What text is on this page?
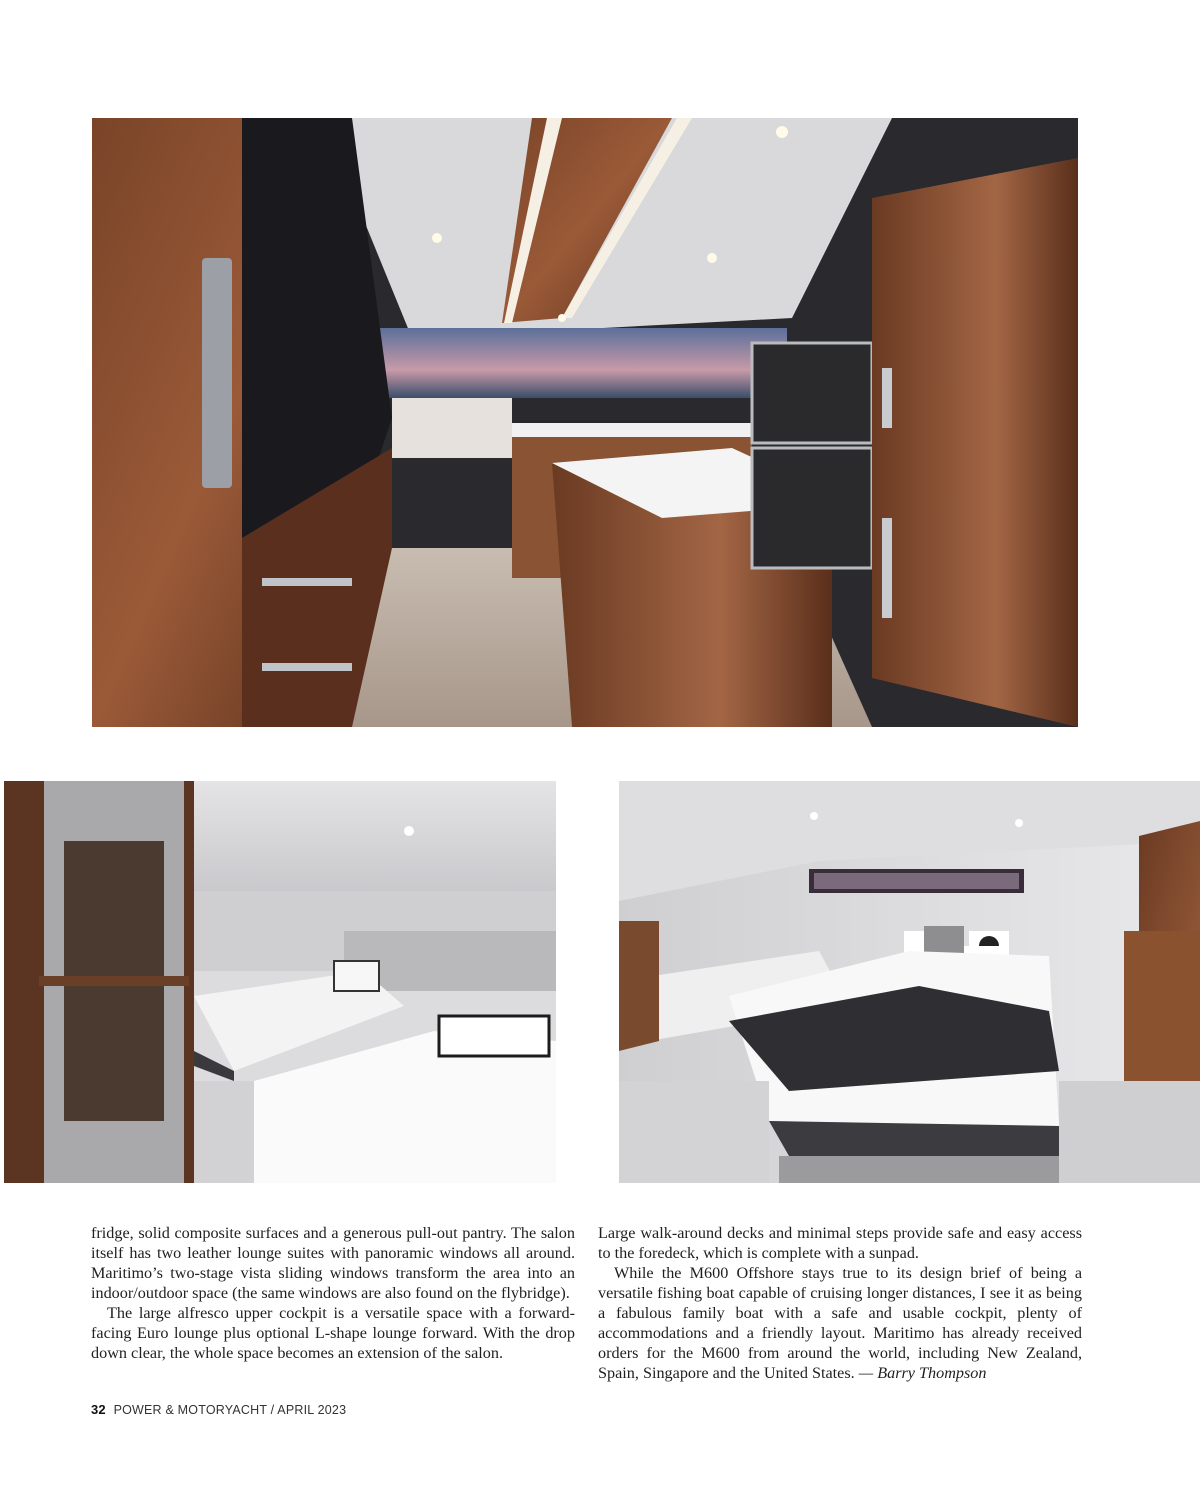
fridge, solid composite surfaces and a generous pull-out pantry. The salon itself has two leather lounge suites with panoramic windows all around. Maritimo’s two-stage vista sliding windows transform the area into an indoor/outdoor space (the same windows are also found on the flybridge).

The large alfresco upper cockpit is a versatile space with a forward-facing Euro lounge plus optional L-shape lounge forward. With the drop down clear, the whole space becomes an extension of the salon.

Large walk-around decks and minimal steps provide safe and easy access to the foredeck, which is complete with a sunpad.

While the M600 Offshore stays true to its design brief of being a versatile fishing boat capable of cruising longer distances, I see it as being a fabulous family boat with a safe and usable cockpit, plenty of accommodations and a friendly layout. Maritimo has already received orders for the M600 from around the world, including New Zealand, Spain, Singapore and the United States. — Barry Thompson

32 POWER & MOTORYACHT / APRIL 2023
